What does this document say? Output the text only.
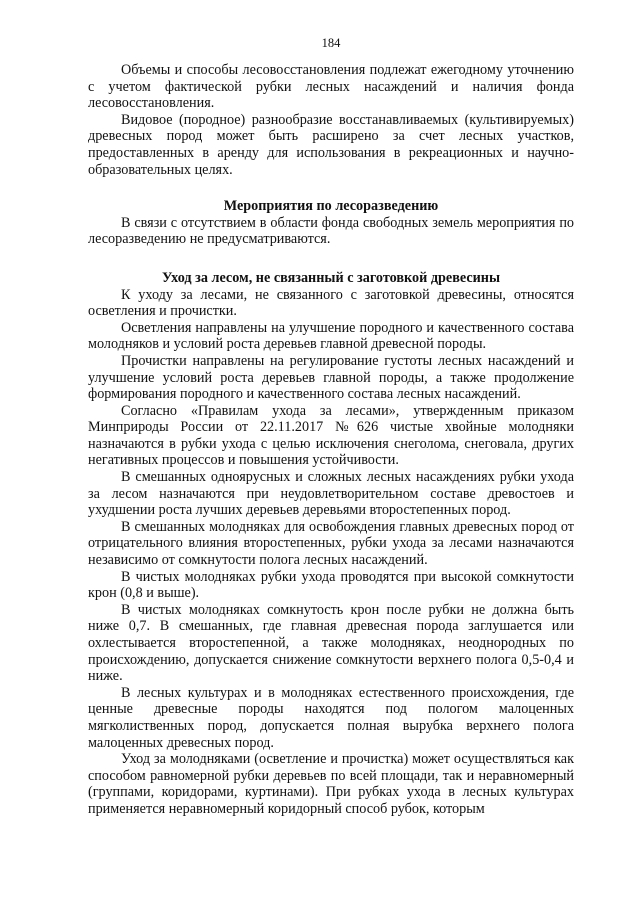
184

Объемы и способы лесовосстановления подлежат ежегодному уточнению с учетом фактической рубки лесных насаждений и наличия фонда лесовосстановления.

Видовое (породное) разнообразие восстанавливаемых (культивируемых) древесных пород может быть расширено за счет лесных участков, предоставленных в аренду для использования в рекреационных и научно-образовательных целях.

Мероприятия по лесоразведению

В связи с отсутствием в области фонда свободных земель мероприятия по лесоразведению не предусматриваются.

Уход за лесом, не связанный с заготовкой древесины

К уходу за лесами, не связанного с заготовкой древесины, относятся осветления и прочистки.

Осветления направлены на улучшение породного и качественного состава молодняков и условий роста деревьев главной древесной породы.

Прочистки направлены на регулирование густоты лесных насаждений и улучшение условий роста деревьев главной породы, а также продолжение формирования породного и качественного состава лесных насаждений.

Согласно «Правилам ухода за лесами», утвержденным приказом Минприроды России от 22.11.2017 №626 чистые хвойные молодняки назначаются в рубки ухода с целью исключения снеголома, снеговала, других негативных процессов и повышения устойчивости.

В смешанных одноярусных и сложных лесных насаждениях рубки ухода за лесом назначаются при неудовлетворительном составе древостоев и ухудшении роста лучших деревьев деревьями второстепенных пород.

В смешанных молодняках для освобождения главных древесных пород от отрицательного влияния второстепенных, рубки ухода за лесами назначаются независимо от сомкнутости полога лесных насаждений.

В чистых молодняках рубки ухода проводятся при высокой сомкнутости крон (0,8 и выше).

В чистых молодняках сомкнутость крон после рубки не должна быть ниже 0,7. В смешанных, где главная древесная порода заглушается или охлестывается второстепенной, а также молодняках, неоднородных по происхождению, допускается снижение сомкнутости верхнего полога 0,5-0,4 и ниже.

В лесных культурах и в молодняках естественного происхождения, где ценные древесные породы находятся под пологом малоценных мягколиственных пород, допускается полная вырубка верхнего полога малоценных древесных пород.

Уход за молодняками (осветление и прочистка) может осуществляться как способом равномерной рубки деревьев по всей площади, так и неравномерный (группами, коридорами, куртинами). При рубках ухода в лесных культурах применяется неравномерный коридорный способ рубок, которым
